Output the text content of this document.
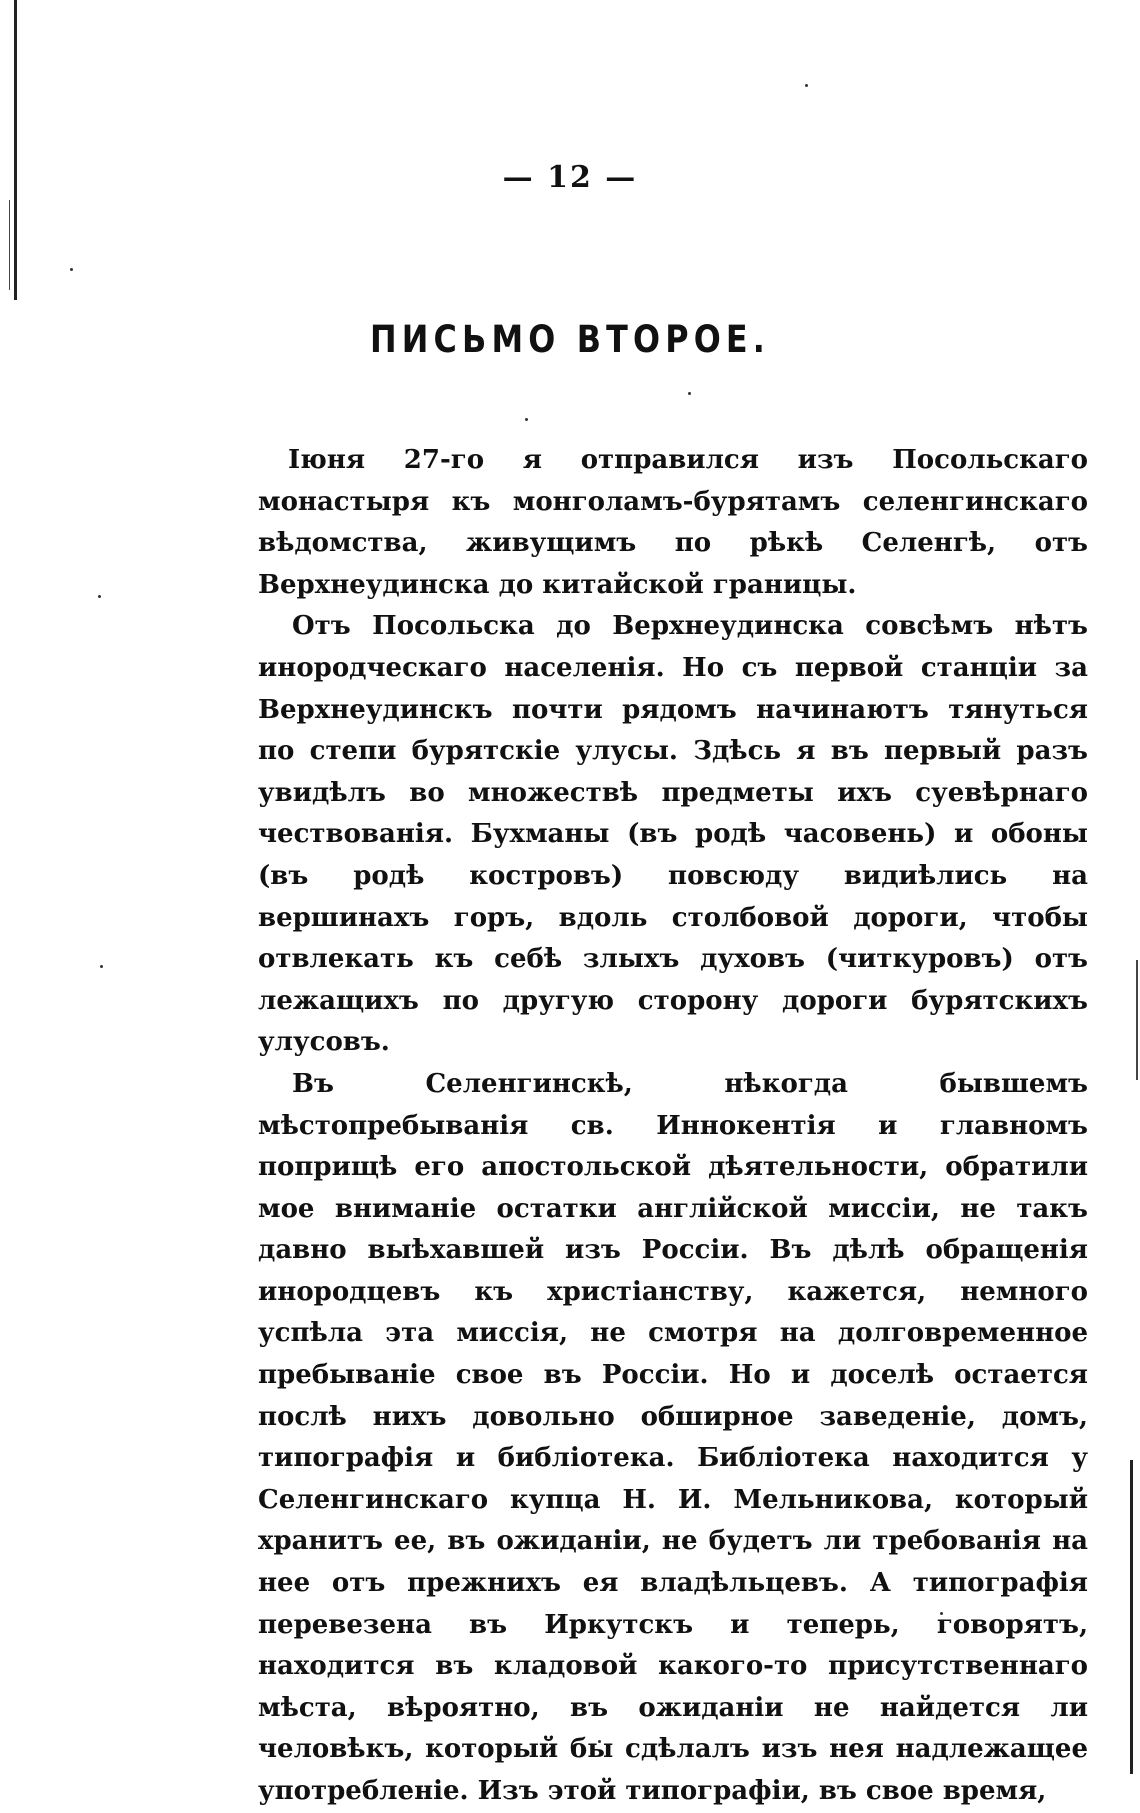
— 12 —
ПИСЬМО ВТОРОЕ.

Іюня 27-го я отправился изъ Посольскаго монастыря къ монголамъ-бурятамъ селенгинскаго вѣдомства, живущимъ по рѣкѣ Селенгѣ, отъ Верхнеудинска до китайской границы.

Отъ Посольска до Верхнеудинска совсѣмъ нѣтъ инородческаго населенія. Но съ первой станціи за Верхнеудинскъ почти рядомъ начинаютъ тянуться по степи бурятскіе улусы. Здѣсь я въ первый разъ увидѣлъ во множествѣ предметы ихъ суевѣрнаго чествованія. Бухманы (въ родѣ часовень) и обоны (въ родѣ костровъ) повсюду видиѣлись на вершинахъ горъ, вдоль столбовой дороги, чтобы отвлекать къ себѣ злыхъ духовъ (читкуровъ) отъ лежащихъ по другую сторону дороги бурятскихъ улусовъ.

Въ Селенгинскѣ, нѣкогда бывшемъ мѣстопребыванія св. Иннокентія и главномъ поприщѣ его апостольской дѣятельности, обратили мое вниманіе остатки англійской миссіи, не такъ давно выѣхавшей изъ Россіи. Въ дѣлѣ обращенія инородцевъ къ христіанству, кажется, немного успѣла эта миссія, не смотря на долговременное пребываніе свое въ Россіи. Но и доселѣ остается послѣ нихъ довольно обширное заведеніе, домъ, типографія и библіотека. Библіотека находится у Селенгинскаго купца Н. И. Мельникова, который хранитъ ее, въ ожиданіи, не будетъ ли требованія на нее отъ прежнихъ ея владѣльцевъ. А типографія перевезена въ Иркутскъ и теперь, говорятъ, находится въ кладовой какого-то присутственнаго мѣста, вѣроятно, въ ожиданіи не найдется ли человѣкъ, который бы сдѣлалъ изъ нея надлежащее употребленіе. Изъ этой типографіи, въ свое время,
